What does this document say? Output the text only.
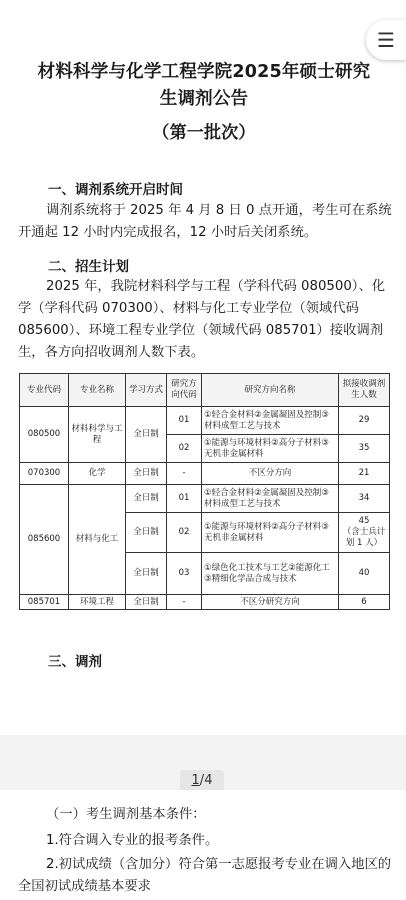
材料科学与化学工程学院2025年硕士研究
生调剂公告
（第一批次）
一、调剂系统开启时间
调剂系统将于 2025 年 4 月 8 日 0 点开通，考生可在系统开通起 12 小时内完成报名，12 小时后关闭系统。
二、招生计划
2025 年，我院材料科学与工程（学科代码 080500）、化学（学科代码 070300）、材料与化工专业学位（领域代码 085600）、环境工程专业学位（领域代码 085701）接收调剂生，各方向招收调剂人数下表。
专业代码	专业名称	学习方式	研究方向代码	研究方向名称	拟接收调剂生人数
080500	材料科学与工程	全日制	01	①轻合金材料②金属凝固及控制③材料成型工艺与技术	29
			02	①能源与环境材料②高分子材料③无机非金属材料	35
070300	化学	全日制	-	不区分方向	21
085600	材料与化工	全日制	01	①轻合金材料②金属凝固及控制③材料成型工艺与技术	34
		全日制	02	①能源与环境材料②高分子材料③无机非金属材料	45
（含士兵计划 1 人）

		全日制	03	①绿色化工技术与工艺②能源化工③精细化学品合成与技术	40
085701	环境工程	全日制	-	不区分研究方向	6
三、调剂
☰
1/4
（一）考生调剂基本条件：
1.符合调入专业的报考条件。
2.初试成绩（含加分）符合第一志愿报考专业在调入地区的全国初试成绩基本要求
